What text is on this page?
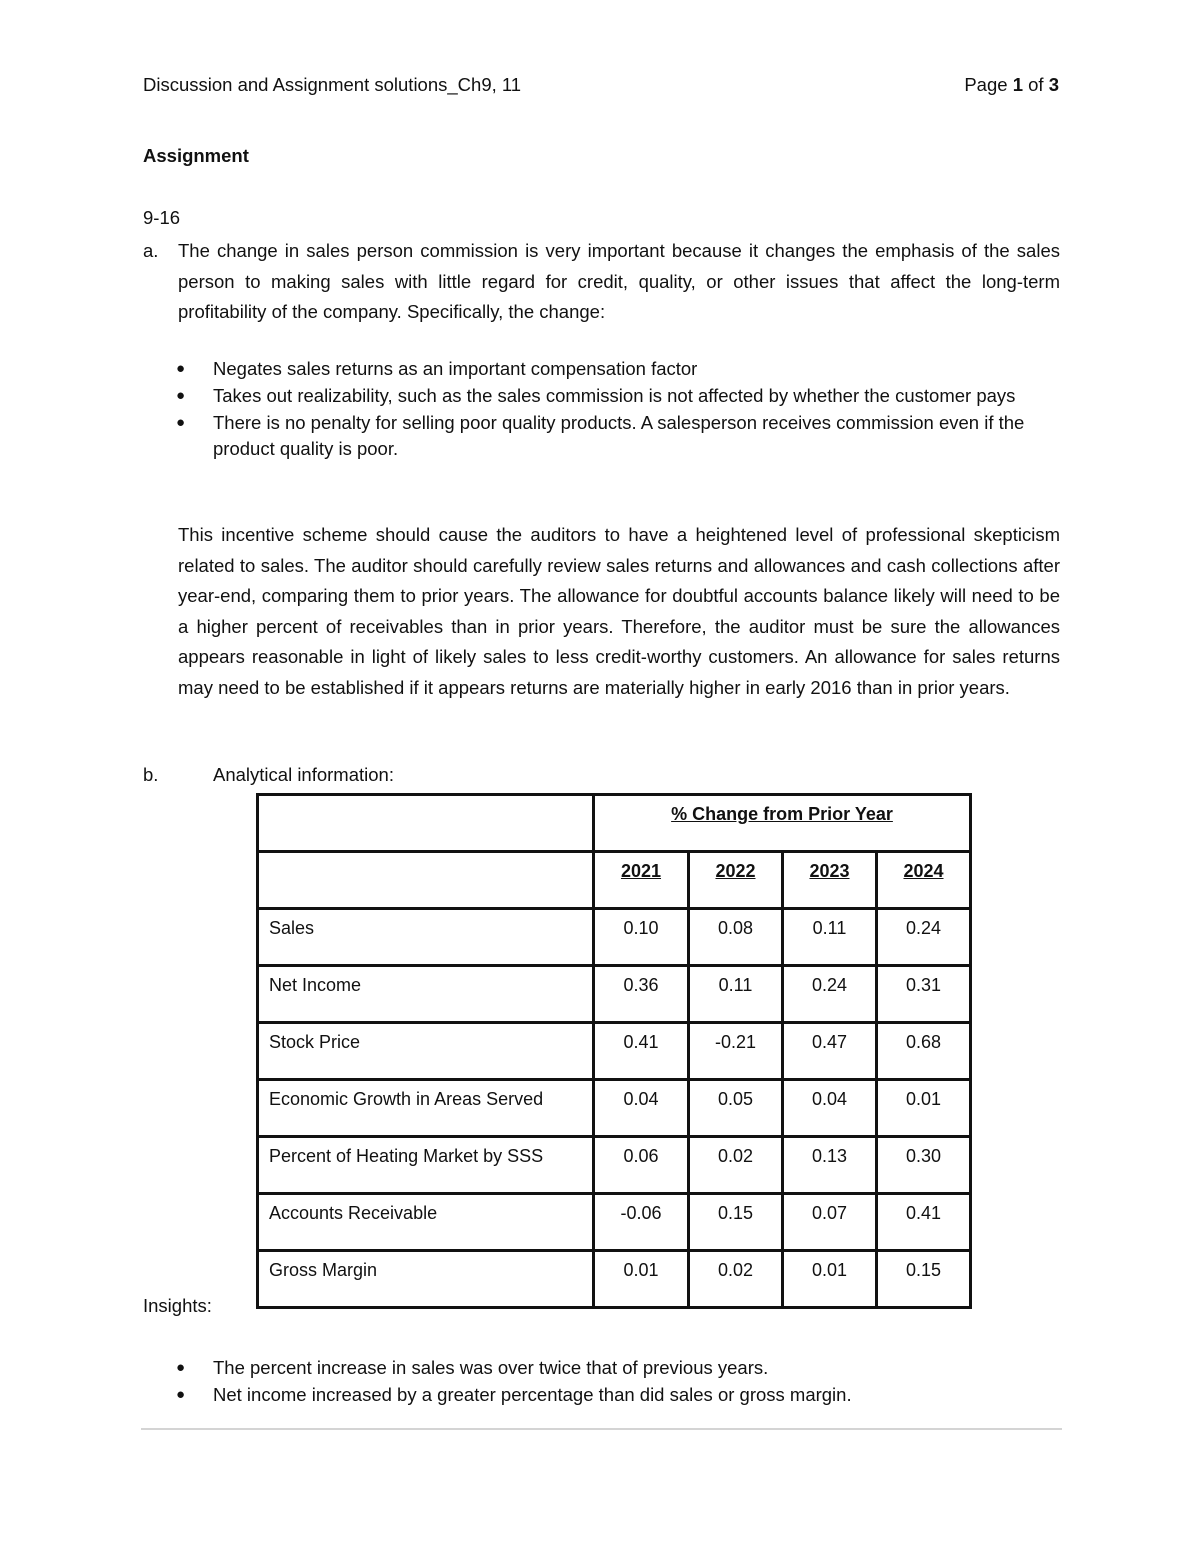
Discussion and Assignment solutions_Ch9, 11	Page 1 of 3
Assignment
9-16
a. The change in sales person commission is very important because it changes the emphasis of the sales person to making sales with little regard for credit, quality, or other issues that affect the long-term profitability of the company. Specifically, the change:
● Negates sales returns as an important compensation factor
● Takes out realizability, such as the sales commission is not affected by whether the customer pays
● There is no penalty for selling poor quality products. A salesperson receives commission even if the product quality is poor.
This incentive scheme should cause the auditors to have a heightened level of professional skepticism related to sales. The auditor should carefully review sales returns and allowances and cash collections after year-end, comparing them to prior years. The allowance for doubtful accounts balance likely will need to be a higher percent of receivables than in prior years. Therefore, the auditor must be sure the allowances appears reasonable in light of likely sales to less credit-worthy customers. An allowance for sales returns may need to be established if it appears returns are materially higher in early 2016 than in prior years.
b.	Analytical information:
	% Change from Prior Year			
	2021	2022	2023	2024
Sales	0.10	0.08	0.11	0.24
Net Income	0.36	0.11	0.24	0.31
Stock Price	0.41	-0.21	0.47	0.68
Economic Growth in Areas Served	0.04	0.05	0.04	0.01
Percent of Heating Market by SSS	0.06	0.02	0.13	0.30
Accounts Receivable	-0.06	0.15	0.07	0.41
Gross Margin	0.01	0.02	0.01	0.15
Insights:
● The percent increase in sales was over twice that of previous years.
● Net income increased by a greater percentage than did sales or gross margin.
